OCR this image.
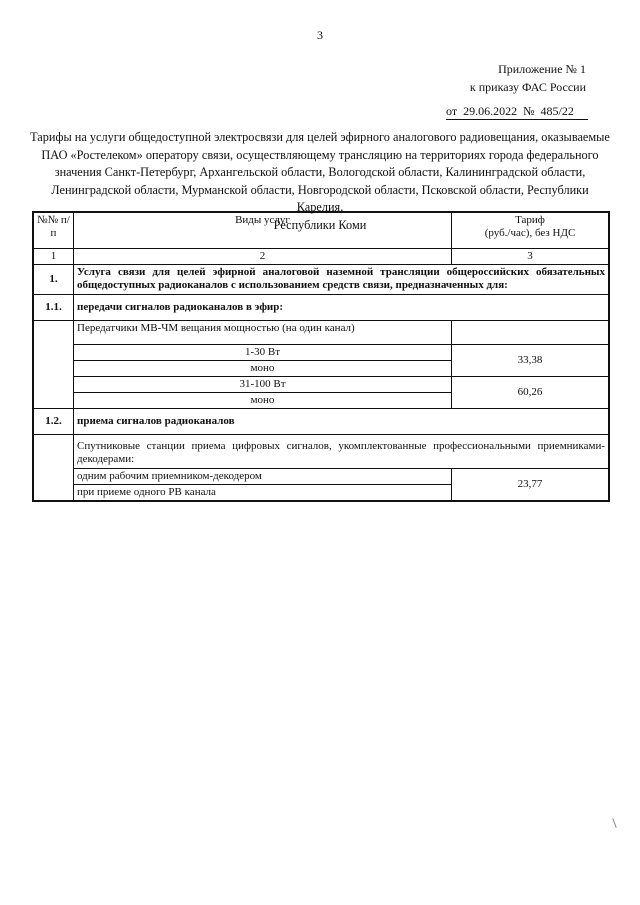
3
Приложение № 1
к приказу ФАС России
от 29.06.2022 № 485/22
Тарифы на услуги общедоступной электросвязи для целей эфирного аналогового радиовещания, оказываемые
ПАО «Ростелеком» оператору связи, осуществляющему трансляцию на территориях города федерального
значения Санкт-Петербург, Архангельской области, Вологодской области, Калининградской области,
Ленинградской области, Мурманской области, Новгородской области, Псковской области, Республики Карелия,
Республики Коми
№№ п/п	Виды услуг	Тариф
(руб./час), без НДС

1	2	3
1.	Услуга связи для целей эфирной аналоговой наземной трансляции общероссийских обязательных общедоступных радиоканалов с использованием средств связи, предназначенных для:	
1.1.	передачи сигналов радиоканалов в эфир:	
	Передатчики МВ-ЧМ вещания мощностью (на один канал)	
	1-30 Вт	33,38
	моно	
	31-100 Вт	60,26
	моно	
1.2.	приема сигналов радиоканалов	
	Спутниковые станции приема цифровых сигналов, укомплектованные профессиональными приемниками-декодерами:	
	одним рабочим приемником-декодером	23,77
	при приеме одного РВ канала	
